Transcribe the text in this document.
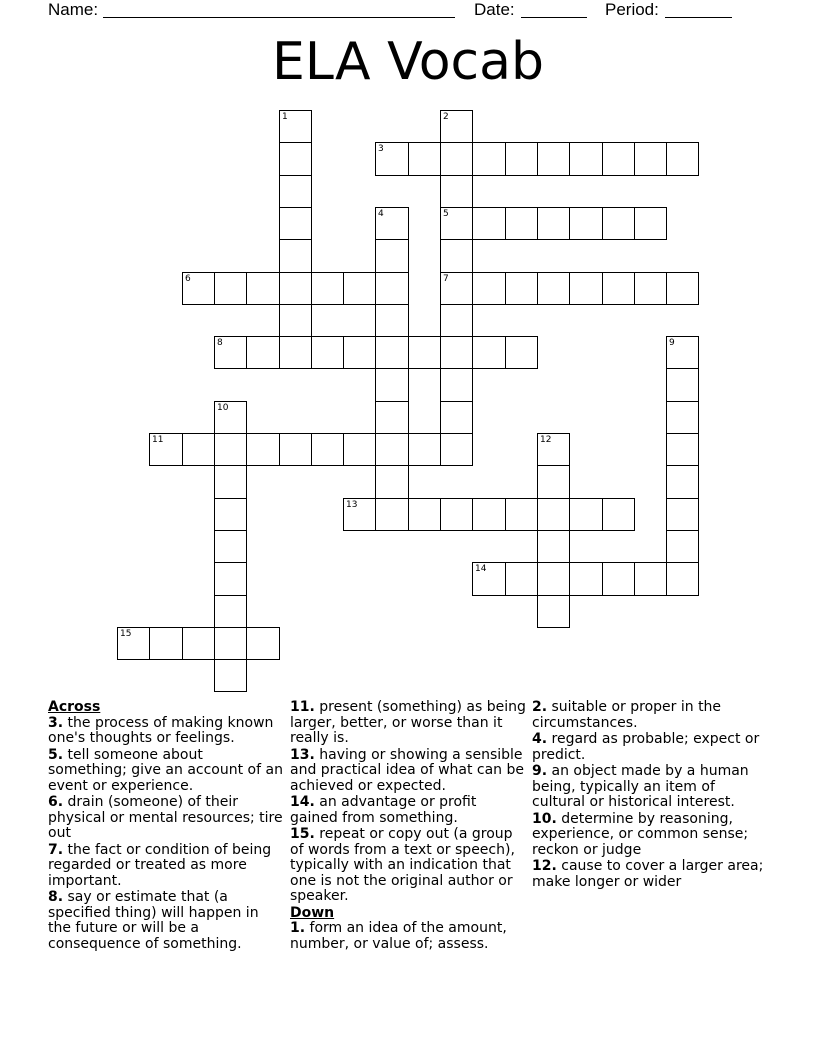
Name:	Date:	Period:
ELA Vocab
1	2
5
7
3
4
6
8	9
10
11	12
13
14
15

Across

3. the process of making known one's thoughts or feelings.

5. tell someone about something; give an account of an event or experience.

6. drain (someone) of their physical or mental resources; tire out

7. the fact or condition of being regarded or treated as more important.

8. say or estimate that (a specified thing) will happen in the future or will be a consequence of something.

11. present (something) as being larger, better, or worse than it really is.

13. having or showing a sensible and practical idea of what can be achieved or expected.

14. an advantage or profit gained from something.

15. repeat or copy out (a group of words from a text or speech), typically with an indication that one is not the original author or speaker.

Down

1. form an idea of the amount, number, or value of; assess.

2. suitable or proper in the circumstances.

4. regard as probable; expect or predict.

9. an object made by a human being, typically an item of cultural or historical interest.

10. determine by reasoning, experience, or common sense; reckon or judge

12. cause to cover a larger area; make longer or wider
